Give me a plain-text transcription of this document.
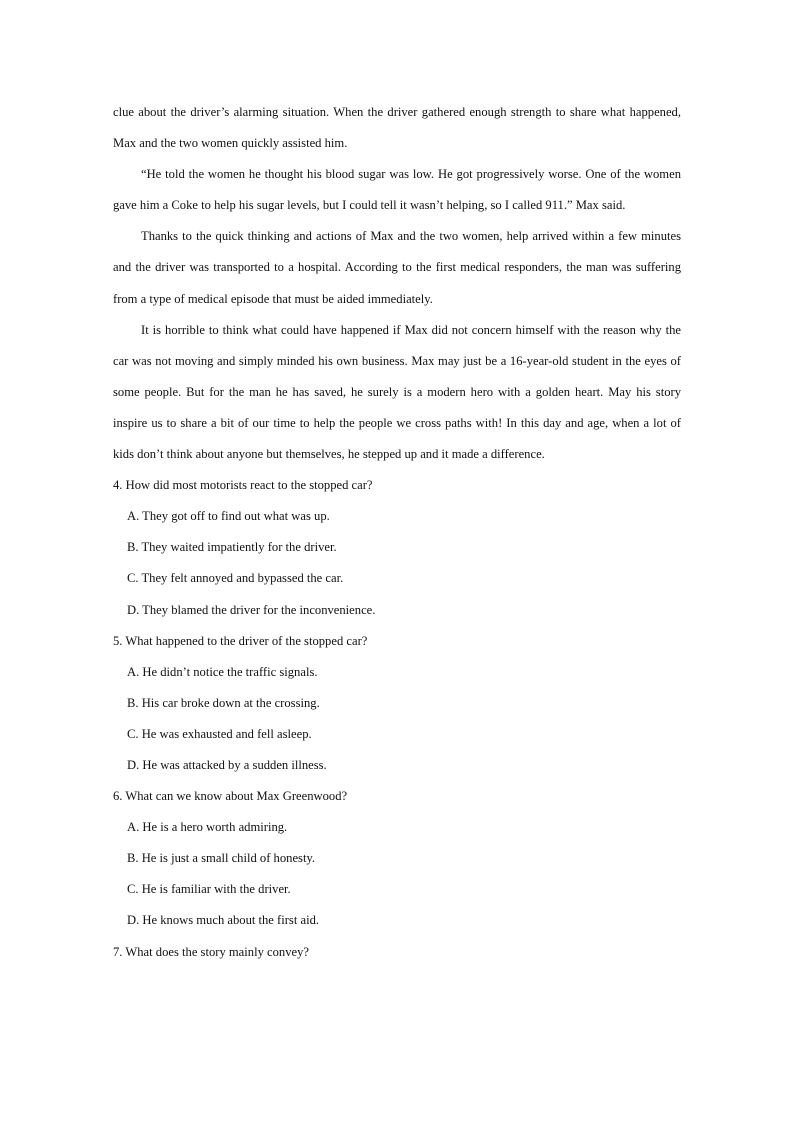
clue about the driver’s alarming situation. When the driver gathered enough strength to share what happened, Max and the two women quickly assisted him.

“He told the women he thought his blood sugar was low. He got progressively worse. One of the women gave him a Coke to help his sugar levels, but I could tell it wasn’t helping, so I called 911.” Max said.

Thanks to the quick thinking and actions of Max and the two women, help arrived within a few minutes and the driver was transported to a hospital. According to the first medical responders, the man was suffering from a type of medical episode that must be aided immediately.

It is horrible to think what could have happened if Max did not concern himself with the reason why the car was not moving and simply minded his own business. Max may just be a 16-year-old student in the eyes of some people. But for the man he has saved, he surely is a modern hero with a golden heart. May his story inspire us to share a bit of our time to help the people we cross paths with! In this day and age, when a lot of kids don’t think about anyone but themselves, he stepped up and it made a difference.

4. How did most motorists react to the stopped car?

A. They got off to find out what was up.

B. They waited impatiently for the driver.

C. They felt annoyed and bypassed the car.

D. They blamed the driver for the inconvenience.

5. What happened to the driver of the stopped car?

A. He didn’t notice the traffic signals.

B. His car broke down at the crossing.

C. He was exhausted and fell asleep.

D. He was attacked by a sudden illness.

6. What can we know about Max Greenwood?

A. He is a hero worth admiring.

B. He is just a small child of honesty.

C. He is familiar with the driver.

D. He knows much about the first aid.

7. What does the story mainly convey?
